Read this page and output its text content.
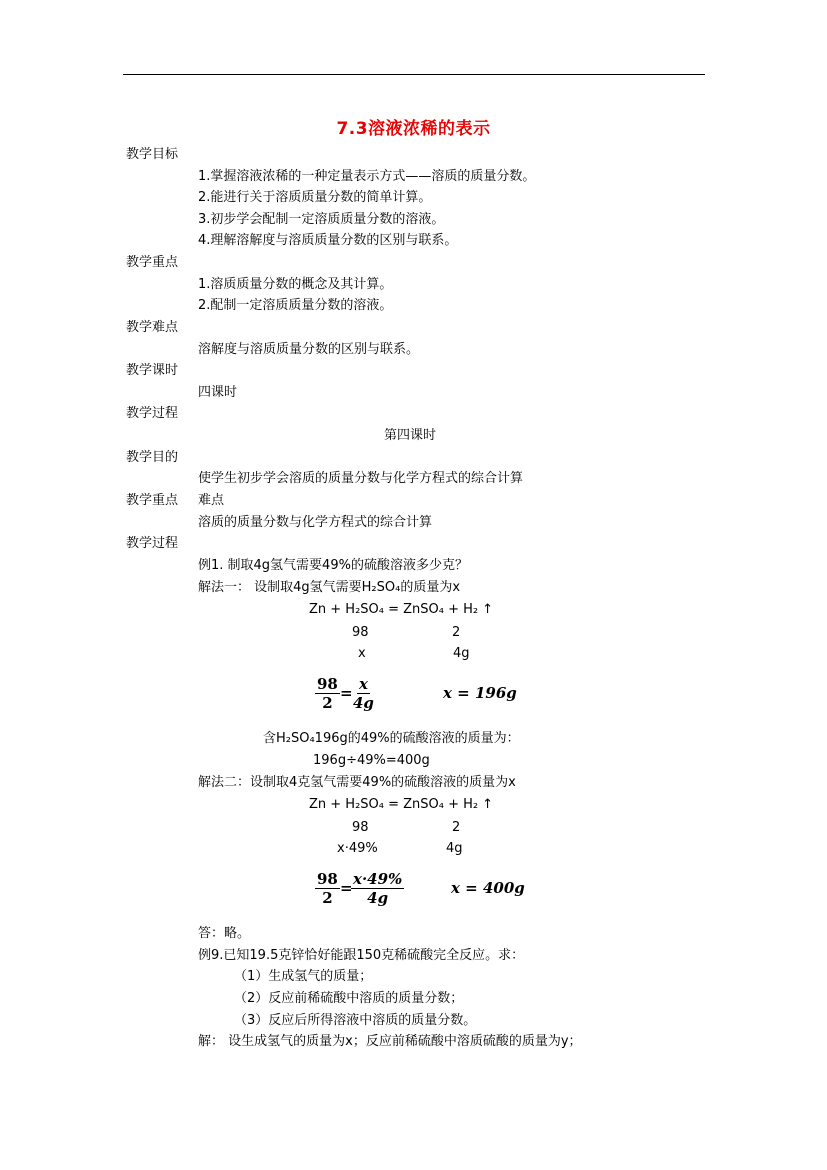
7.3溶液浓稀的表示
教学目标
1.掌握溶液浓稀的一种定量表示方式——溶质的质量分数。
2.能进行关于溶质质量分数的简单计算。
3.初步学会配制一定溶质质量分数的溶液。
4.理解溶解度与溶质质量分数的区别与联系。
教学重点
1.溶质质量分数的概念及其计算。
2.配制一定溶质质量分数的溶液。
教学难点
溶解度与溶质质量分数的区别与联系。
教学课时
四课时
教学过程
第四课时
教学目的
使学生初步学会溶质的质量分数与化学方程式的综合计算
教学重点 难点
溶质的质量分数与化学方程式的综合计算
教学过程
例1. 制取4g氢气需要49%的硫酸溶液多少克？
解法一： 设制取4g氢气需要H₂SO₄的质量为x
Zn + H₂SO₄ = ZnSO₄ + H₂ ↑
98	2
x	4g
$\frac{98}{2}$ =
$\frac{x}{4g}$	x = 196g
含H₂SO₄196g的49%的硫酸溶液的质量为：
196g÷49%=400g
解法二：设制取4克氢气需要49%的硫酸溶液的质量为x
Zn + H₂SO₄ = ZnSO₄ + H₂ ↑
98	2
x·49%	4g
$\frac{98}{2}$ =
$\frac{x\cdot 49\%}{4g}$	x = 400g
答：略。
例9.已知19.5克锌恰好能跟150克稀硫酸完全反应。求：
（1）生成氢气的质量；
（2）反应前稀硫酸中溶质的质量分数；
（3）反应后所得溶液中溶质的质量分数。
解： 设生成氢气的质量为x；反应前稀硫酸中溶质硫酸的质量为y；
